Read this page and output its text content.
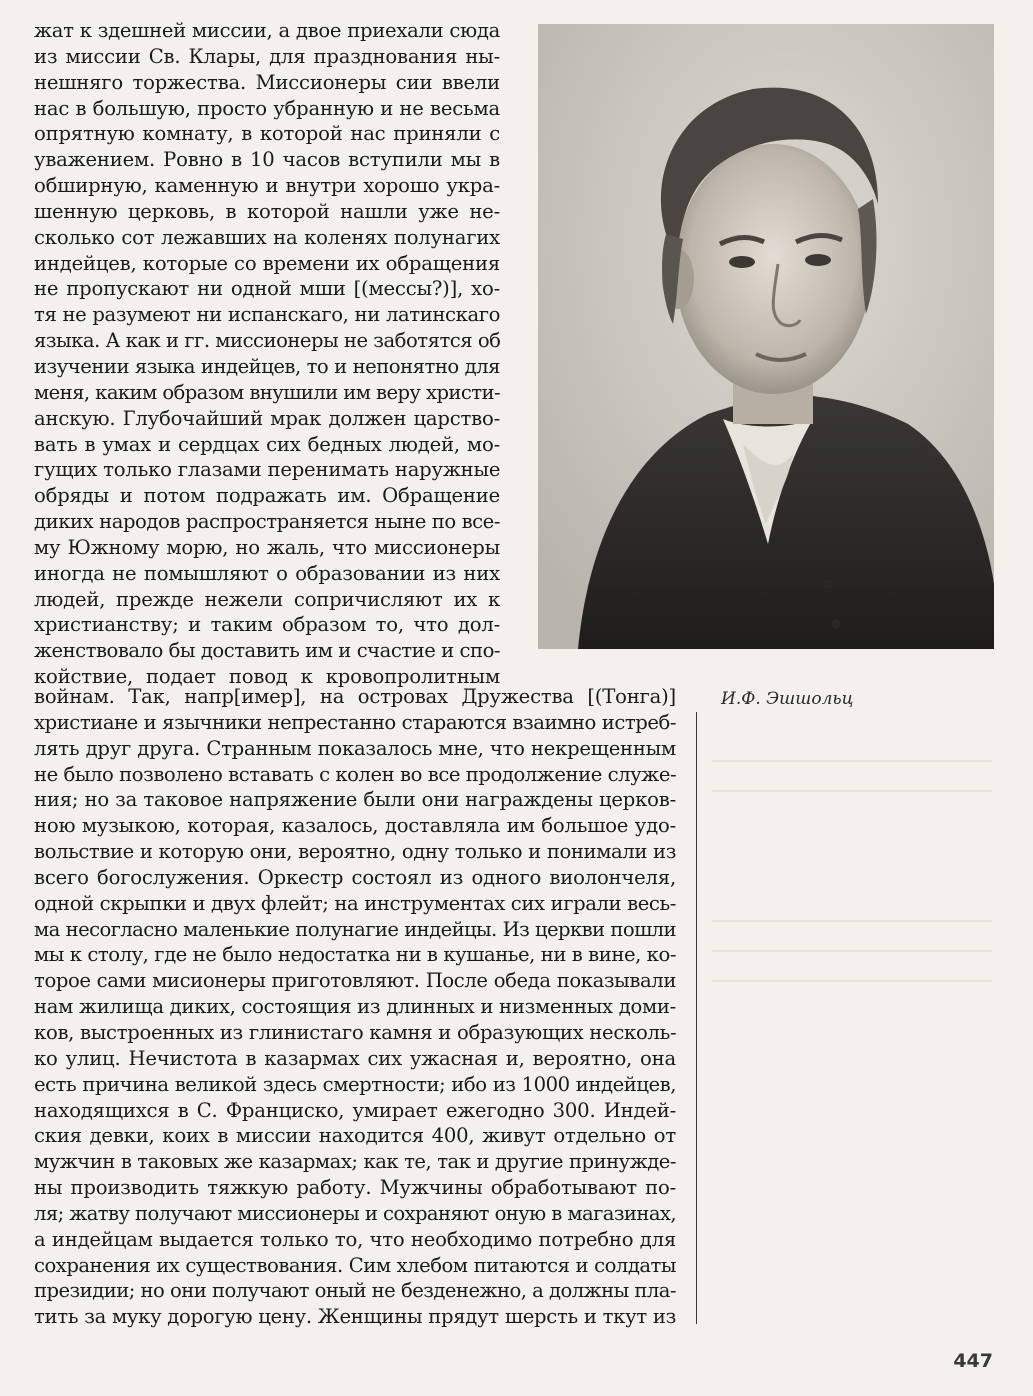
жат к здешней миссии, а двое приехали сюда
из миссии Св. Клары, для празднования ны-
нешняго торжества. Миссионеры сии ввели
нас в большую, просто убранную и не весьма
опрятную комнату, в которой нас приняли с
уважением. Ровно в 10 часов вступили мы в
обширную, каменную и внутри хорошо укра-
шенную церковь, в которой нашли уже не-
сколько сот лежавших на коленях полунагих
индейцев, которые со времени их обращения
не пропускают ни одной мши [(мессы?)], хо-
тя не разумеют ни испанскаго, ни латинскаго
языка. А как и гг. миссионеры не заботятся об
изучении языка индейцев, то и непонятно для
меня, каким образом внушили им веру христи-
анскую. Глубочайший мрак должен царство-
вать в умах и сердцах сих бедных людей, мо-
гущих только глазами перенимать наружные
обряды и потом подражать им. Обращение
диких народов распространяется ныне по все-
му Южному морю, но жаль, что миссионеры
иногда не помышляют о образовании из них
людей, прежде нежели сопричисляют их к
христианству; и таким образом то, что дол-
женствовало бы доставить им и счастие и спо-
койствие, подает повод к кровопролитным
И.Ф. Эшшольц
войнам. Так, напр[имер], на островах Дружества [(Тонга)]
христиане и язычники непрестанно стараются взаимно истреб-
лять друг друга. Странным показалось мне, что некрещенным
не было позволено вставать с колен во все продолжение служе-
ния; но за таковое напряжение были они награждены церков-
ною музыкою, которая, казалось, доставляла им большое удо-
вольствие и которую они, вероятно, одну только и понимали из
всего богослужения. Оркестр состоял из одного виолончеля,
одной скрыпки и двух флейт; на инструментах сих играли весь-
ма несогласно маленькие полунагие индейцы. Из церкви пошли
мы к столу, где не было недостатка ни в кушанье, ни в вине, ко-
торое сами мисионеры приготовляют. После обеда показывали
нам жилища диких, состоящия из длинных и низменных доми-
ков, выстроенных из глинистаго камня и образующих несколь-
ко улиц. Нечистота в казармах сих ужасная и, вероятно, она
есть причина великой здесь смертности; ибо из 1000 индейцев,
находящихся в С. Франциско, умирает ежегодно 300. Индей-
ския девки, коих в миссии находится 400, живут отдельно от
мужчин в таковых же казармах; как те, так и другие принужде-
ны производить тяжкую работу. Мужчины обработывают по-
ля; жатву получают миссионеры и сохраняют оную в магазинах,
а индейцам выдается только то, что необходимо потребно для
сохранения их существования. Сим хлебом питаются и солдаты
президии; но они получают оный не безденежно, а должны пла-
тить за муку дорогую цену. Женщины прядут шерсть и ткут из
447
